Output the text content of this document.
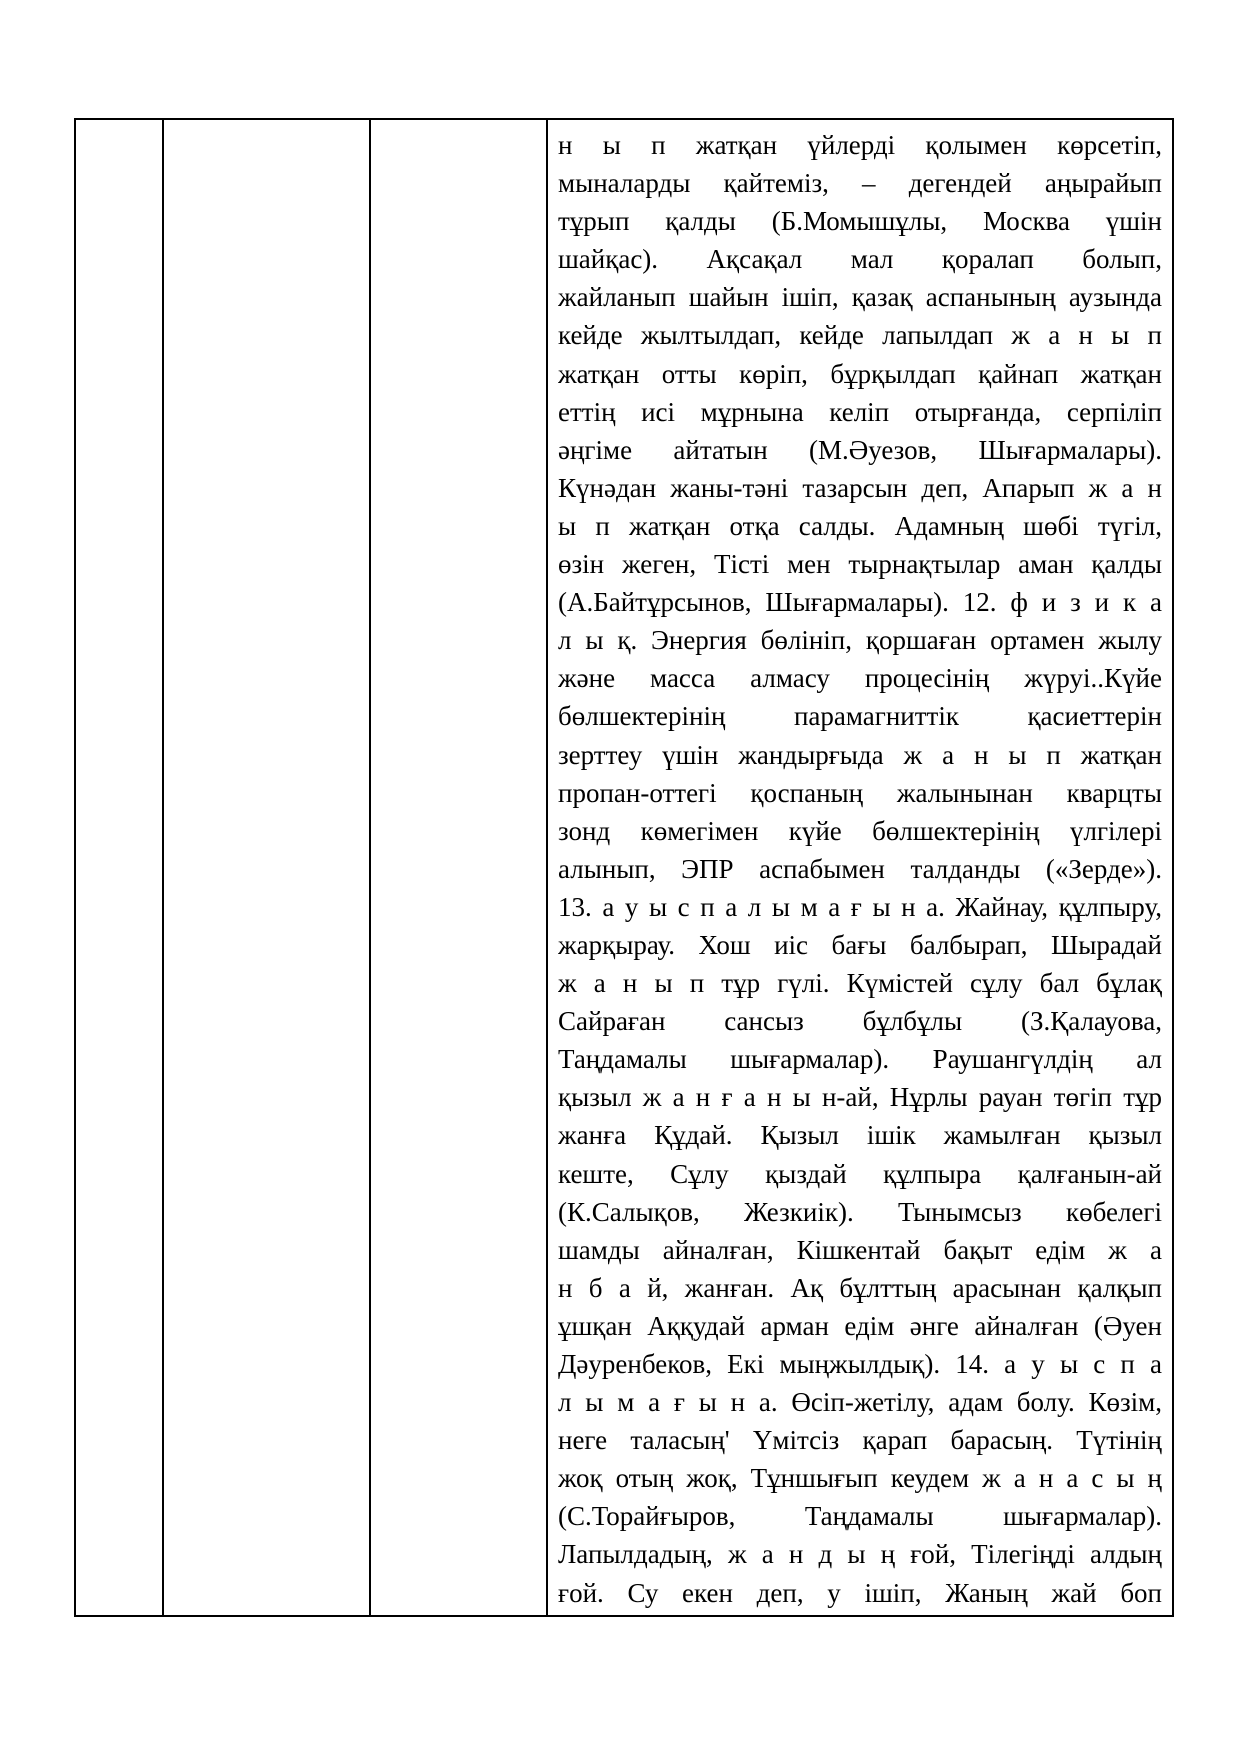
н ы п жатқан үйлерді қолымен көрсетіп,
мыналарды қайтеміз, – дегендей аңырайып
тұрып қалды (Б.Момышұлы, Москва үшін
шайқас). Ақсақал мал қоралап болып,
жайланып шайын ішіп, қазақ аспанының аузында
кейде жылтылдап, кейде лапылдап ж а н ы п
жатқан отты көріп, бұрқылдап қайнап жатқан
еттің исі мұрнына келіп отырғанда, серпіліп
әңгіме айтатын (М.Әуезов, Шығармалары).
Күнәдан жаны-тәні тазарсын деп, Апарып ж а н
ы п жатқан отқа салды. Адамның шөбі түгіл,
өзін жеген, Тісті мен тырнақтылар аман қалды
(А.Байтұрсынов, Шығармалары). 12. ф и з и к а
л ы қ. Энергия бөлініп, қоршаған ортамен жылу
және масса алмасу процесінің жүруі..Күйе
бөлшектерінің парамагниттік қасиеттерін
зерттеу үшін жандырғыда ж а н ы п жатқан
пропан-оттегі қоспаның жалынынан кварцты
зонд көмегімен күйе бөлшектерінің үлгілері
алынып, ЭПР аспабымен талданды («Зерде»).
13. а у ы с п а л ы м а ғ ы н а. Жайнау, құлпыру,
жарқырау. Хош иіс бағы балбырап, Шырадай
ж а н ы п тұр гүлі. Күмістей сұлу бал бұлақ
Сайраған сансыз бұлбұлы (З.Қалауова,
Таңдамалы шығармалар). Раушангүлдің ал
қызыл ж а н ғ а н ы н-ай, Нұрлы рауан төгіп тұр
жанға Құдай. Қызыл ішік жамылған қызыл
кеште, Сұлу қыздай құлпыра қалғанын-ай
(К.Салықов, Жезкиік). Тынымсыз көбелегі
шамды айналған, Кішкентай бақыт едім ж а
н б а й, жанған. Ақ бұлттың арасынан қалқып
ұшқан Аққудай арман едім әнге айналған (Әуен
Дәуренбеков, Екі мыңжылдық). 14. а у ы с п а
л ы м а ғ ы н а. Өсіп-жетілу, адам болу. Көзім,
неге таласың' Үмітсіз қарап барасың. Түтінің
жоқ отың жоқ, Тұншығып кеудем ж а н а с ы ң
(С.Торайғыров, Таңдамалы шығармалар).
Лапылдадың, ж а н д ы ң ғой, Тілегіңді алдың
ғой. Су екен деп, у ішіп, Жаның жай боп
